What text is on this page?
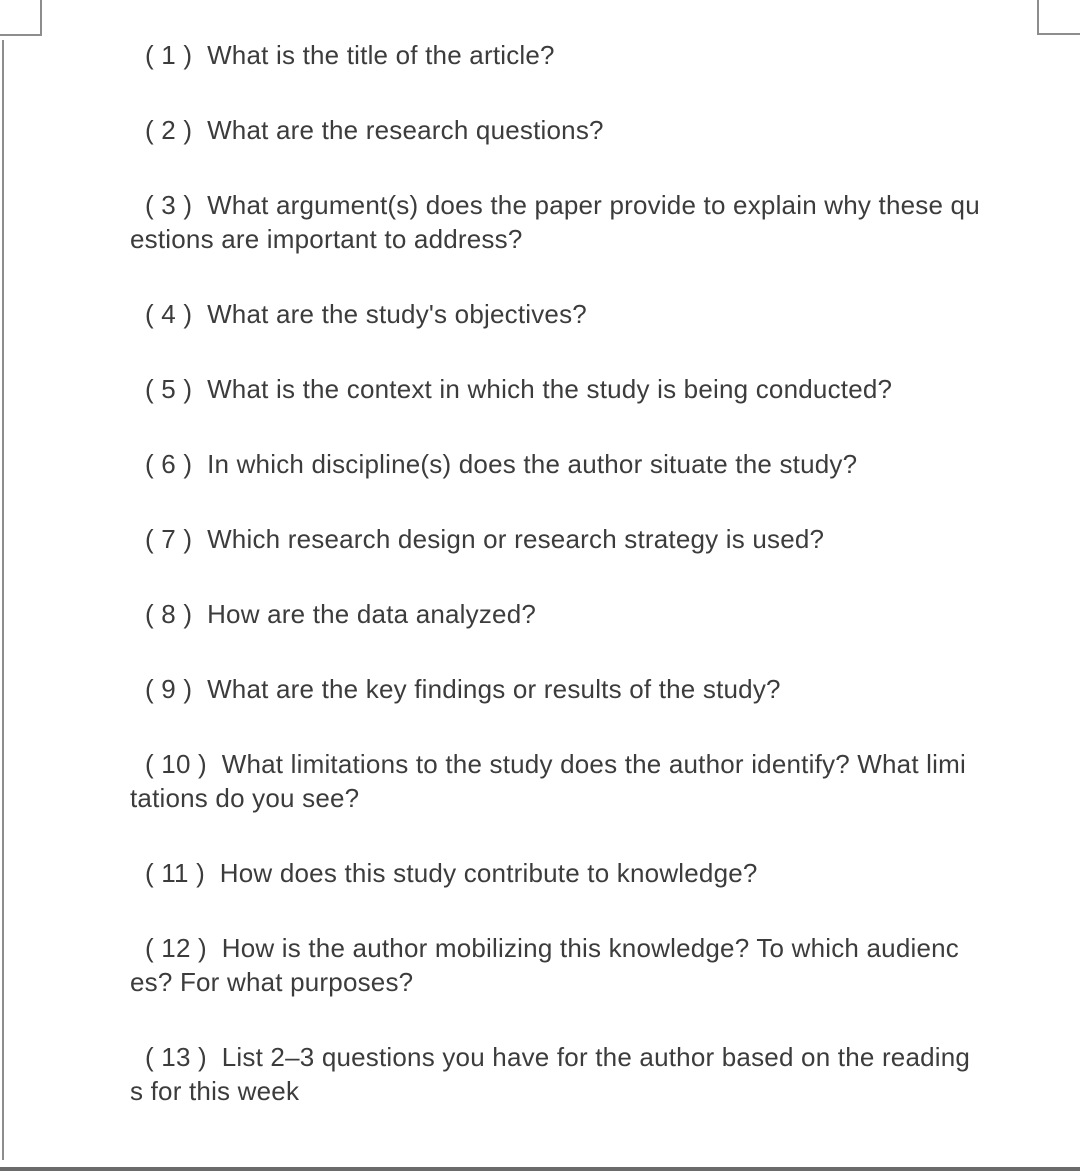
( 1 )  What is the title of the article?
( 2 )  What are the research questions?
( 3 )  What argument(s) does the paper provide to explain why these qu
estions are important to address?
( 4 )  What are the study's objectives?
( 5 )  What is the context in which the study is being conducted?
( 6 )  In which discipline(s) does the author situate the study?
( 7 )  Which research design or research strategy is used?
( 8 )  How are the data analyzed?
( 9 )  What are the key findings or results of the study?
( 10 )  What limitations to the study does the author identify? What limi
tations do you see?
( 11 )  How does this study contribute to knowledge?
( 12 )  How is the author mobilizing this knowledge? To which audienc
es? For what purposes?
( 13 )  List 2–3 questions you have for the author based on the reading
s for this week
